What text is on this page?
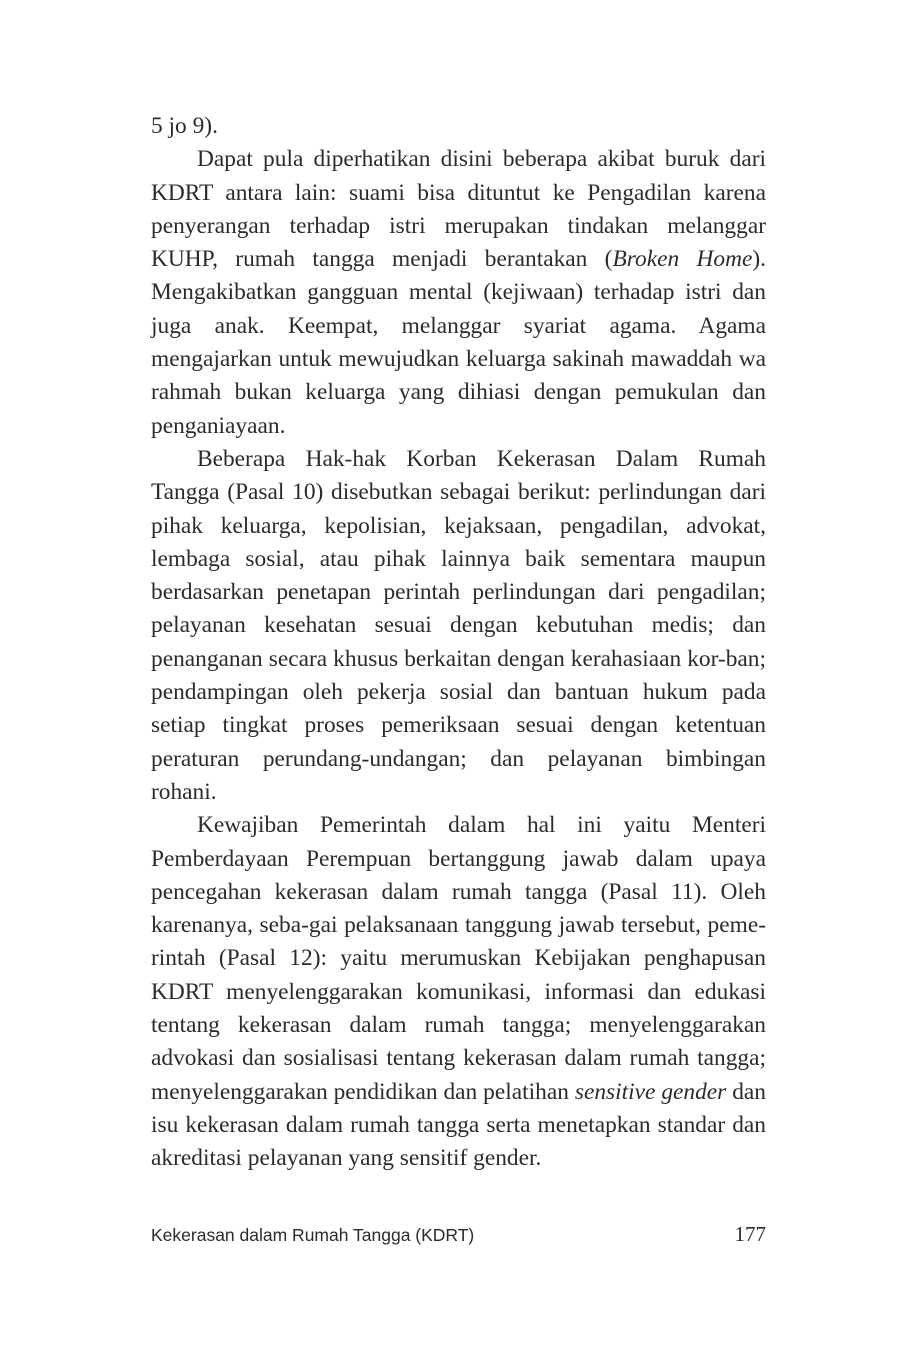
5 jo 9).

Dapat pula diperhatikan disini beberapa akibat buruk dari KDRT antara lain: suami bisa dituntut ke Pengadilan karena penyerangan terhadap istri merupakan tindakan melanggar KUHP, rumah tangga menjadi berantakan (Broken Home). Mengakibatkan gangguan mental (kejiwaan) terhadap istri dan juga anak. Keempat, melanggar syariat agama. Agama mengajarkan untuk mewujudkan keluarga sakinah mawaddah wa rahmah bukan keluarga yang dihiasi dengan pemukulan dan penganiayaan.

Beberapa Hak-hak Korban Kekerasan Dalam Rumah Tangga (Pasal 10) disebutkan sebagai berikut: perlindungan dari pihak keluarga, kepolisian, kejaksaan, pengadilan, advokat, lembaga sosial, atau pihak lainnya baik sementara maupun berdasarkan penetapan perintah perlindungan dari pengadilan; pelayanan kesehatan sesuai dengan kebutuhan medis; dan penanganan secara khusus berkaitan dengan kerahasiaan kor-ban; pendampingan oleh pekerja sosial dan bantuan hukum pada setiap tingkat proses pemeriksaan sesuai dengan ketentuan peraturan perundang-undangan; dan pelayanan bimbingan rohani.

Kewajiban Pemerintah dalam hal ini yaitu Menteri Pemberdayaan Perempuan bertanggung jawab dalam upaya pencegahan kekerasan dalam rumah tangga (Pasal 11). Oleh karenanya, seba-gai pelaksanaan tanggung jawab tersebut, peme-rintah (Pasal 12): yaitu merumuskan Kebijakan penghapusan KDRT menyelenggarakan komunikasi, informasi dan edukasi tentang kekerasan dalam rumah tangga; menyelenggarakan advokasi dan sosialisasi tentang kekerasan dalam rumah tangga; menyelenggarakan pendidikan dan pelatihan sensitive gender dan isu kekerasan dalam rumah tangga serta menetapkan standar dan akreditasi pelayanan yang sensitif gender.

Kekerasan dalam Rumah Tangga (KDRT)	177
